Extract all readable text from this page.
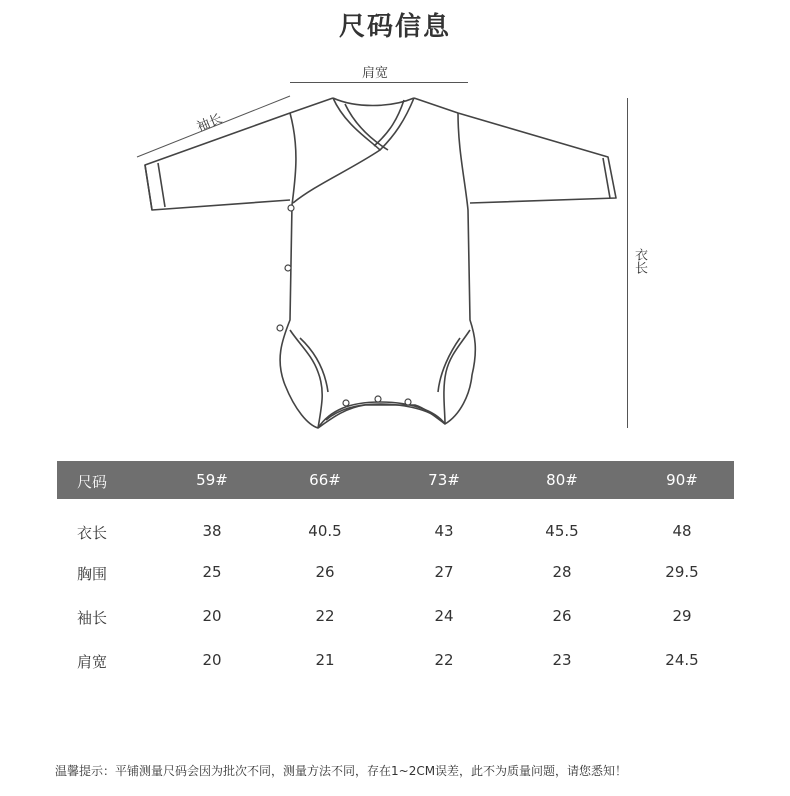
尺码信息
肩宽
衣长
袖长
尺码	59#	66#	73#	80#	90#
衣长	38	40.5	43	45.5	48
胸围	25	26	27	28	29.5
袖长	20	22	24	26	29
肩宽	20	21	22	23	24.5
温馨提示：平铺测量尺码会因为批次不同，测量方法不同，存在1~2CM误差，此不为质量问题，请您悉知！
